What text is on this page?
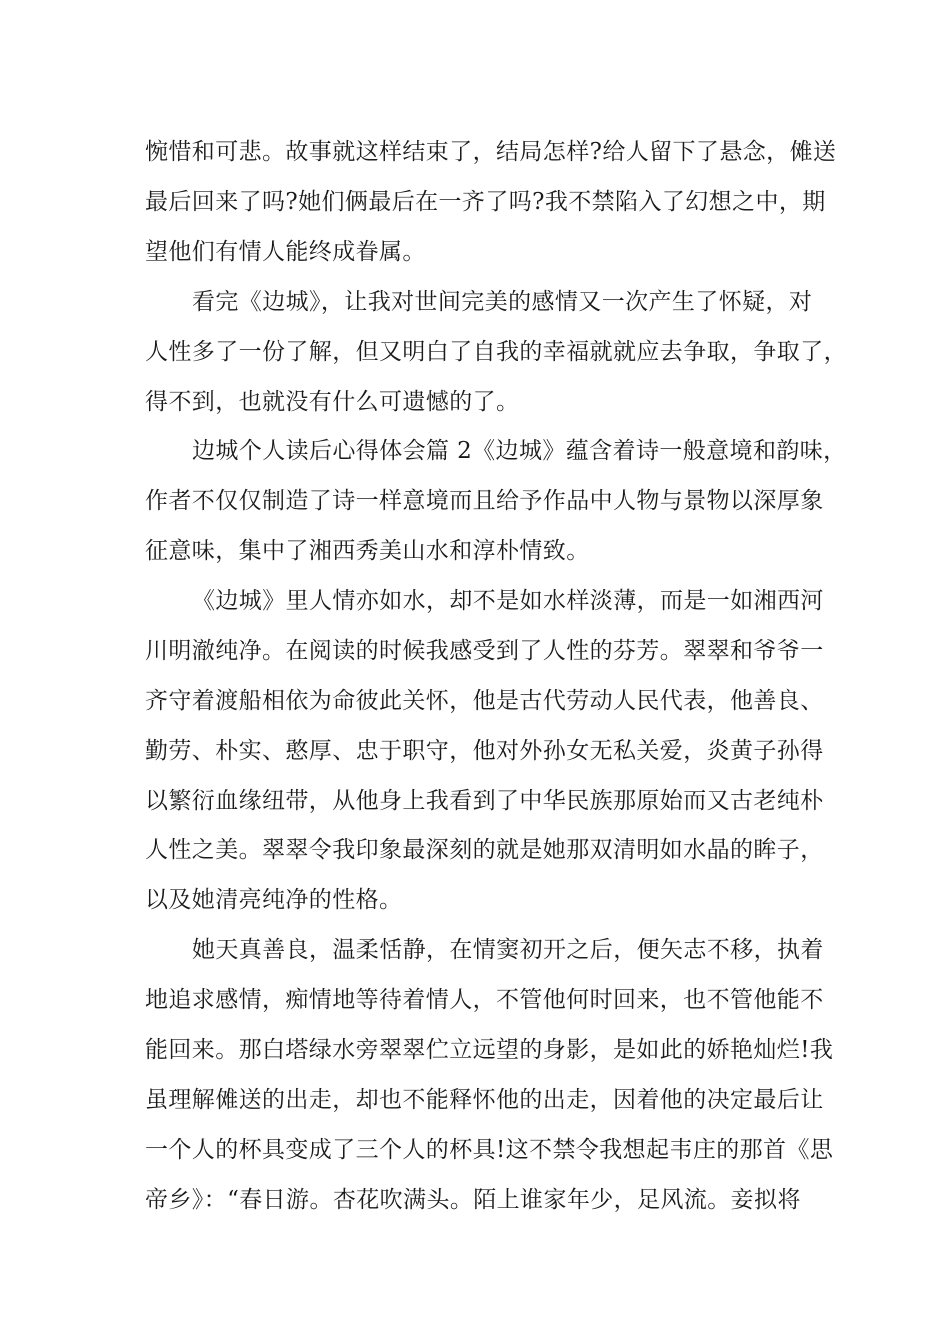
惋惜和可悲。故事就这样结束了，结局怎样?给人留下了悬念，傩送
最后回来了吗?她们俩最后在一齐了吗?我不禁陷入了幻想之中，期
望他们有情人能终成眷属。
看完《边城》，让我对世间完美的感情又一次产生了怀疑，对
人性多了一份了解，但又明白了自我的幸福就就应去争取，争取了，
得不到，也就没有什么可遗憾的了。
边城个人读后心得体会篇 2《边城》蕴含着诗一般意境和韵味，
作者不仅仅制造了诗一样意境而且给予作品中人物与景物以深厚象
征意味，集中了湘西秀美山水和淳朴情致。
《边城》里人情亦如水，却不是如水样淡薄，而是一如湘西河
川明澈纯净。在阅读的时候我感受到了人性的芬芳。翠翠和爷爷一
齐守着渡船相依为命彼此关怀，他是古代劳动人民代表，他善良、
勤劳、朴实、憨厚、忠于职守，他对外孙女无私关爱，炎黄子孙得
以繁衍血缘纽带，从他身上我看到了中华民族那原始而又古老纯朴
人性之美。翠翠令我印象最深刻的就是她那双清明如水晶的眸子，
以及她清亮纯净的性格。
她天真善良，温柔恬静，在情窦初开之后，便矢志不移，执着
地追求感情，痴情地等待着情人，不管他何时回来，也不管他能不
能回来。那白塔绿水旁翠翠伫立远望的身影，是如此的娇艳灿烂!我
虽理解傩送的出走，却也不能释怀他的出走，因着他的决定最后让
一个人的杯具变成了三个人的杯具!这不禁令我想起韦庄的那首《思
帝乡》：“春日游。杏花吹满头。陌上谁家年少，足风流。妾拟将
